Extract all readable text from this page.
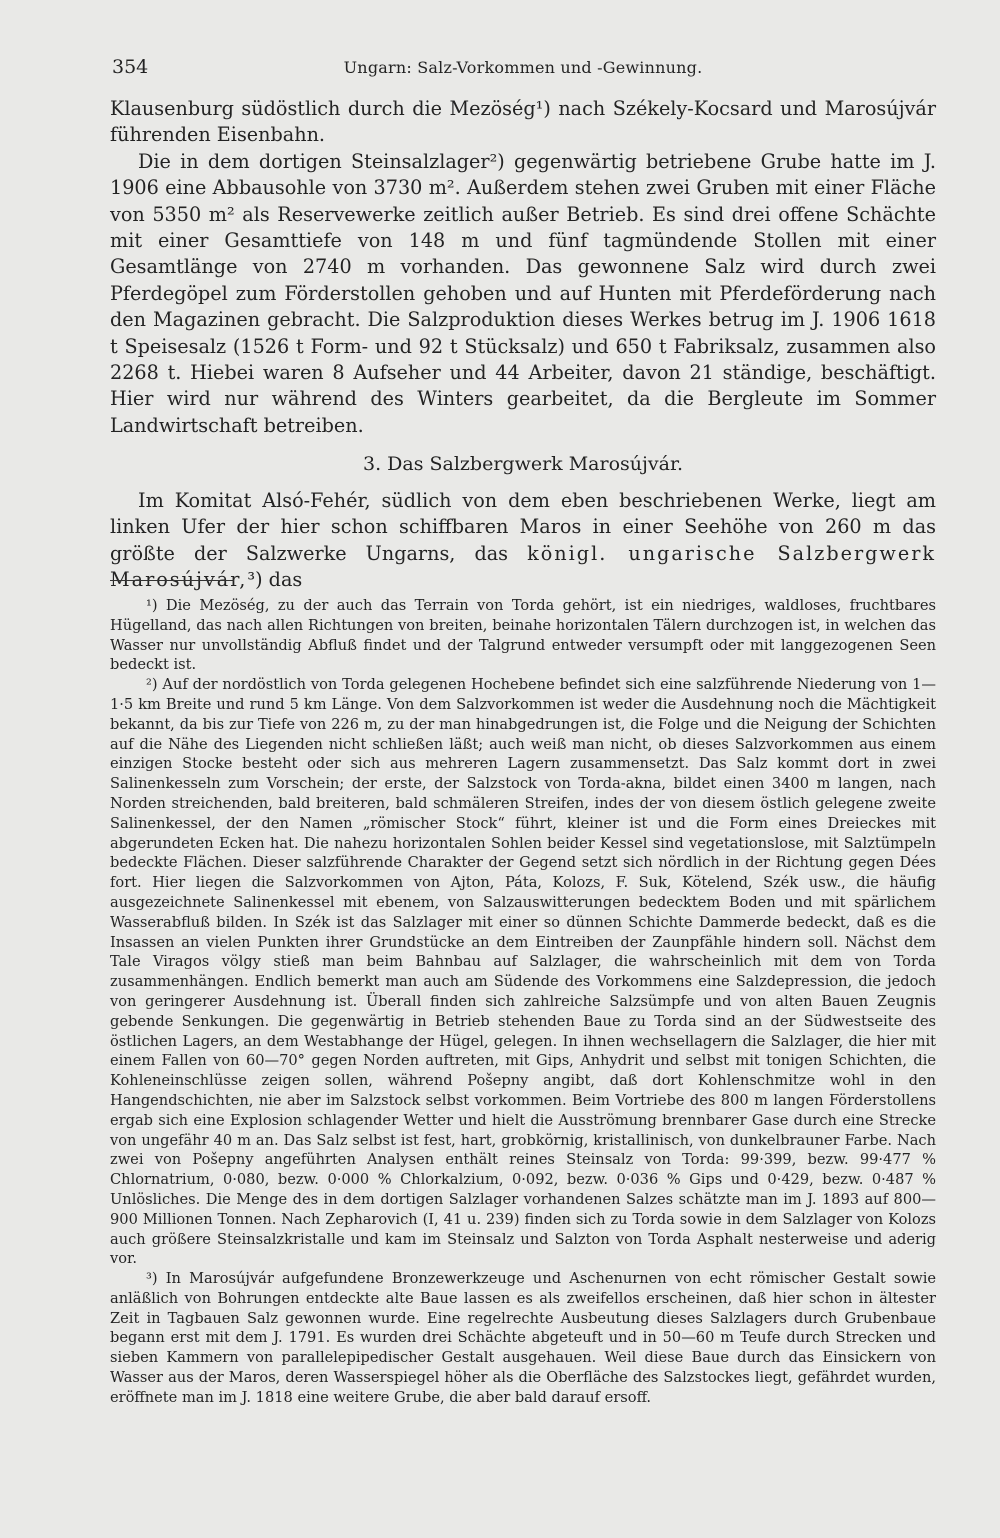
354	Ungarn: Salz-Vorkommen und -Gewinnung.

Klausenburg südöstlich durch die Mezöség¹) nach Székely-Kocsard und Marosújvár führenden Eisenbahn.

Die in dem dortigen Steinsalzlager²) gegenwärtig betriebene Grube hatte im J. 1906 eine Abbausohle von 3730 m². Außerdem stehen zwei Gruben mit einer Fläche von 5350 m² als Reservewerke zeitlich außer Betrieb. Es sind drei offene Schächte mit einer Gesamttiefe von 148 m und fünf tagmündende Stollen mit einer Gesamtlänge von 2740 m vorhanden. Das gewonnene Salz wird durch zwei Pferdegöpel zum Förderstollen gehoben und auf Hunten mit Pferdeförderung nach den Magazinen gebracht. Die Salzproduktion dieses Werkes betrug im J. 1906 1618 t Speisesalz (1526 t Form- und 92 t Stücksalz) und 650 t Fabriksalz, zusammen also 2268 t. Hiebei waren 8 Aufseher und 44 Arbeiter, davon 21 ständige, beschäftigt. Hier wird nur während des Winters gearbeitet, da die Bergleute im Sommer Landwirtschaft betreiben.

3. Das Salzbergwerk Marosújvár.

Im Komitat Alsó-Fehér, südlich von dem eben beschriebenen Werke, liegt am linken Ufer der hier schon schiffbaren Maros in einer Seehöhe von 260 m das größte der Salzwerke Ungarns, das königl. ungarische Salzbergwerk Marosújvár,³) das

¹) Die Mezöség, zu der auch das Terrain von Torda gehört, ist ein niedriges, waldloses, fruchtbares Hügelland, das nach allen Richtungen von breiten, beinahe horizontalen Tälern durchzogen ist, in welchen das Wasser nur unvollständig Abfluß findet und der Talgrund entweder versumpft oder mit langgezogenen Seen bedeckt ist.

²) Auf der nordöstlich von Torda gelegenen Hochebene befindet sich eine salzführende Niederung von 1—1·5 km Breite und rund 5 km Länge. Von dem Salzvorkommen ist weder die Ausdehnung noch die Mächtigkeit bekannt, da bis zur Tiefe von 226 m, zu der man hinabgedrungen ist, die Folge und die Neigung der Schichten auf die Nähe des Liegenden nicht schließen läßt; auch weiß man nicht, ob dieses Salzvorkommen aus einem einzigen Stocke besteht oder sich aus mehreren Lagern zusammensetzt. Das Salz kommt dort in zwei Salinenkesseln zum Vorschein; der erste, der Salzstock von Torda-akna, bildet einen 3400 m langen, nach Norden streichenden, bald breiteren, bald schmäleren Streifen, indes der von diesem östlich gelegene zweite Salinenkessel, der den Namen „römischer Stock“ führt, kleiner ist und die Form eines Dreieckes mit abgerundeten Ecken hat. Die nahezu horizontalen Sohlen beider Kessel sind vegetationslose, mit Salztümpeln bedeckte Flächen. Dieser salzführende Charakter der Gegend setzt sich nördlich in der Richtung gegen Dées fort. Hier liegen die Salzvorkommen von Ajton, Páta, Kolozs, F. Suk, Kötelend, Szék usw., die häufig ausgezeichnete Salinenkessel mit ebenem, von Salzauswitterungen bedecktem Boden und mit spärlichem Wasserabfluß bilden. In Szék ist das Salzlager mit einer so dünnen Schichte Dammerde bedeckt, daß es die Insassen an vielen Punkten ihrer Grundstücke an dem Eintreiben der Zaunpfähle hindern soll. Nächst dem Tale Viragos völgy stieß man beim Bahnbau auf Salzlager, die wahrscheinlich mit dem von Torda zusammenhängen. Endlich bemerkt man auch am Südende des Vorkommens eine Salzdepression, die jedoch von geringerer Ausdehnung ist. Überall finden sich zahlreiche Salzsümpfe und von alten Bauen Zeugnis gebende Senkungen. Die gegenwärtig in Betrieb stehenden Baue zu Torda sind an der Südwestseite des östlichen Lagers, an dem Westabhange der Hügel, gelegen. In ihnen wechsellagern die Salzlager, die hier mit einem Fallen von 60—70° gegen Norden auftreten, mit Gips, Anhydrit und selbst mit tonigen Schichten, die Kohleneinschlüsse zeigen sollen, während Pošepny angibt, daß dort Kohlenschmitze wohl in den Hangendschichten, nie aber im Salzstock selbst vorkommen. Beim Vortriebe des 800 m langen Förderstollens ergab sich eine Explosion schlagender Wetter und hielt die Ausströmung brennbarer Gase durch eine Strecke von ungefähr 40 m an. Das Salz selbst ist fest, hart, grobkörnig, kristallinisch, von dunkelbrauner Farbe. Nach zwei von Pošepny angeführten Analysen enthält reines Steinsalz von Torda: 99·399, bezw. 99·477 % Chlornatrium, 0·080, bezw. 0·000 % Chlorkalzium, 0·092, bezw. 0·036 % Gips und 0·429, bezw. 0·487 % Unlösliches. Die Menge des in dem dortigen Salzlager vorhandenen Salzes schätzte man im J. 1893 auf 800—900 Millionen Tonnen. Nach Zepharovich (I, 41 u. 239) finden sich zu Torda sowie in dem Salzlager von Kolozs auch größere Steinsalzkristalle und kam im Steinsalz und Salzton von Torda Asphalt nesterweise und aderig vor.

³) In Marosújvár aufgefundene Bronzewerkzeuge und Aschenurnen von echt römischer Gestalt sowie anläßlich von Bohrungen entdeckte alte Baue lassen es als zweifellos erscheinen, daß hier schon in ältester Zeit in Tagbauen Salz gewonnen wurde. Eine regelrechte Ausbeutung dieses Salzlagers durch Grubenbaue begann erst mit dem J. 1791. Es wurden drei Schächte abgeteuft und in 50—60 m Teufe durch Strecken und sieben Kammern von parallelepipedischer Gestalt ausgehauen. Weil diese Baue durch das Einsickern von Wasser aus der Maros, deren Wasserspiegel höher als die Oberfläche des Salzstockes liegt, gefährdet wurden, eröffnete man im J. 1818 eine weitere Grube, die aber bald darauf ersoff.
